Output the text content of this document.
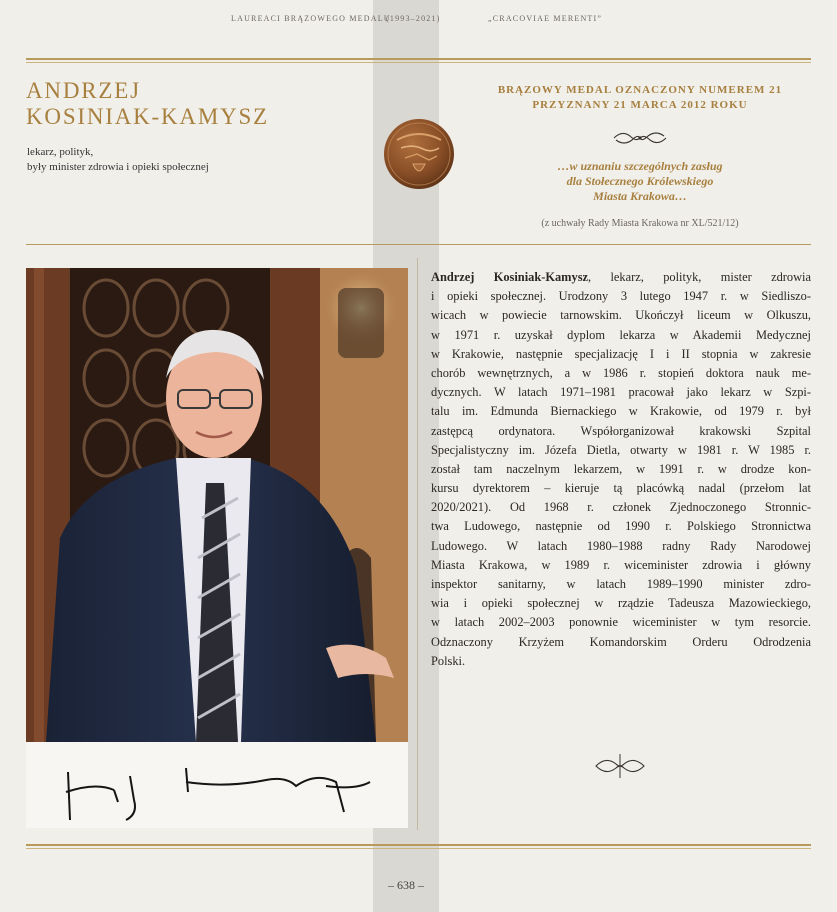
LAUREACI BRĄZOWEGO MEDALU
(1993–2021)	„CRACOVIAE MERENTI”
ANDRZEJ
KOSINIAK-KAMYSZ
lekarz, polityk,
były minister zdrowia i opieki społecznej
BRĄZOWY MEDAL OZNACZONY NUMEREM 21
PRZYZNANY 21 MARCA 2012 ROKU
…w uznaniu szczególnych zasług
dla Stołecznego Królewskiego
Miasta Krakowa…
(z uchwały Rady Miasta Krakowa nr XL/521/12)
Andrzej Kosiniak-Kamysz, lekarz, polityk, mister zdrowia
i opieki społecznej. Urodzony 3 lutego 1947 r. w Siedliszo-
wicach w powiecie tarnowskim. Ukończył liceum w Olkuszu,
w 1971 r. uzyskał dyplom lekarza w Akademii Medycznej
w Krakowie, następnie specjalizację I i II stopnia w zakresie
chorób wewnętrznych, a w 1986 r. stopień doktora nauk me-
dycznych. W latach 1971–1981 pracował jako lekarz w Szpi-
talu im. Edmunda Biernackiego w Krakowie, od 1979 r. był
zastępcą ordynatora. Współorganizował krakowski Szpital
Specjalistyczny im. Józefa Dietla, otwarty w 1981 r. W 1985 r.
został tam naczelnym lekarzem, w 1991 r. w drodze kon-
kursu dyrektorem – kieruje tą placówką nadal (przełom lat
2020/2021). Od 1968 r. członek Zjednoczonego Stronnic-
twa Ludowego, następnie od 1990 r. Polskiego Stronnictwa
Ludowego. W latach 1980–1988 radny Rady Narodowej
Miasta Krakowa, w 1989 r. wiceminister zdrowia i główny
inspektor sanitarny, w latach 1989–1990 minister zdro-
wia i opieki społecznej w rządzie Tadeusza Mazowieckiego,
w latach 2002–2003 ponownie wiceminister w tym resorcie.
Odznaczony Krzyżem Komandorskim Orderu Odrodzenia
Polski.
– 638 –
